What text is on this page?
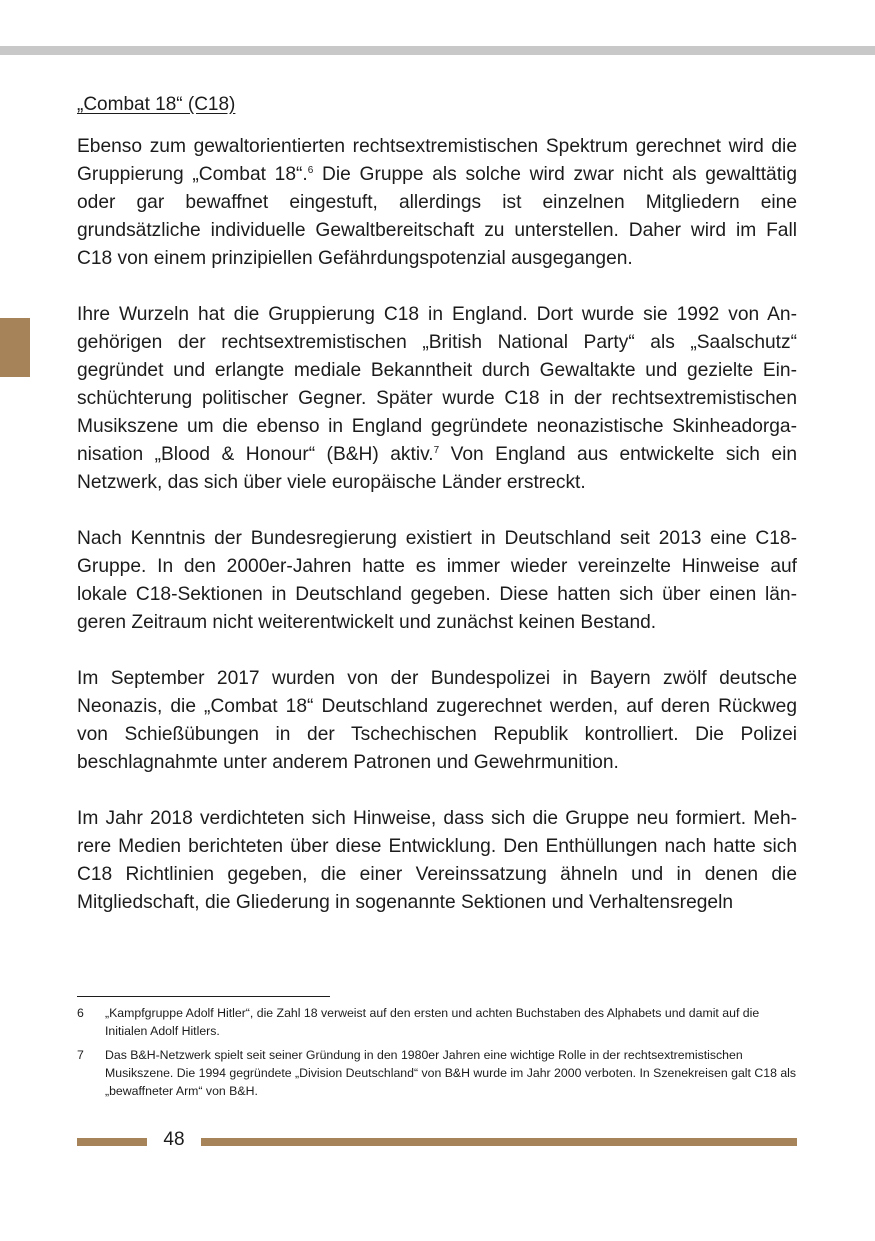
„Combat 18“ (C18)

Ebenso zum gewaltorientierten rechtsextremistischen Spektrum gerechnet wird die Gruppierung „Combat 18“.$^6$ Die Gruppe als solche wird zwar nicht als gewalttätig oder gar bewaffnet eingestuft, allerdings ist einzelnen Mitgliedern eine grundsätzliche individuelle Gewaltbereitschaft zu unterstellen. Daher wird im Fall C18 von einem prinzipiellen Gefährdungspotenzial ausgegangen.

Ihre Wurzeln hat die Gruppierung C18 in England. Dort wurde sie 1992 von Angehörigen der rechtsextremistischen „British National Party“ als „Saalschutz“ gegründet und erlangte mediale Bekanntheit durch Gewaltakte und gezielte Einschüchterung politischer Gegner. Später wurde C18 in der rechtsextremistischen Musikszene um die ebenso in England gegründete neonazistische Skinheadorganisation „Blood & Honour“ (B&H) aktiv.$^7$ Von England aus entwickelte sich ein Netzwerk, das sich über viele europäische Länder erstreckt.

Nach Kenntnis der Bundesregierung existiert in Deutschland seit 2013 eine C18-Gruppe. In den 2000er-Jahren hatte es immer wieder vereinzelte Hinweise auf lokale C18-Sektionen in Deutschland gegeben. Diese hatten sich über einen längeren Zeitraum nicht weiterentwickelt und zunächst keinen Bestand.

Im September 2017 wurden von der Bundespolizei in Bayern zwölf deutsche Neonazis, die „Combat 18“ Deutschland zugerechnet werden, auf deren Rückweg von Schießübungen in der Tschechischen Republik kontrolliert. Die Polizei beschlagnahmte unter anderem Patronen und Gewehrmunition.

Im Jahr 2018 verdichteten sich Hinweise, dass sich die Gruppe neu formiert. Mehrere Medien berichteten über diese Entwicklung. Den Enthüllungen nach hatte sich C18 Richtlinien gegeben, die einer Vereinssatzung ähneln und in denen die Mitgliedschaft, die Gliederung in sogenannte Sektionen und Verhaltensregeln

6	„Kampfgruppe Adolf Hitler“, die Zahl 18 verweist auf den ersten und achten Buchstaben des Alphabets und damit auf die Initialen Adolf Hitlers.
7	Das B&H-Netzwerk spielt seit seiner Gründung in den 1980er Jahren eine wichtige Rolle in der rechtsextremistischen Musikszene. Die 1994 gegründete „Division Deutschland“ von B&H wurde im Jahr 2000 verboten. In Szenekreisen galt C18 als „bewaffneter Arm“ von B&H.
48
